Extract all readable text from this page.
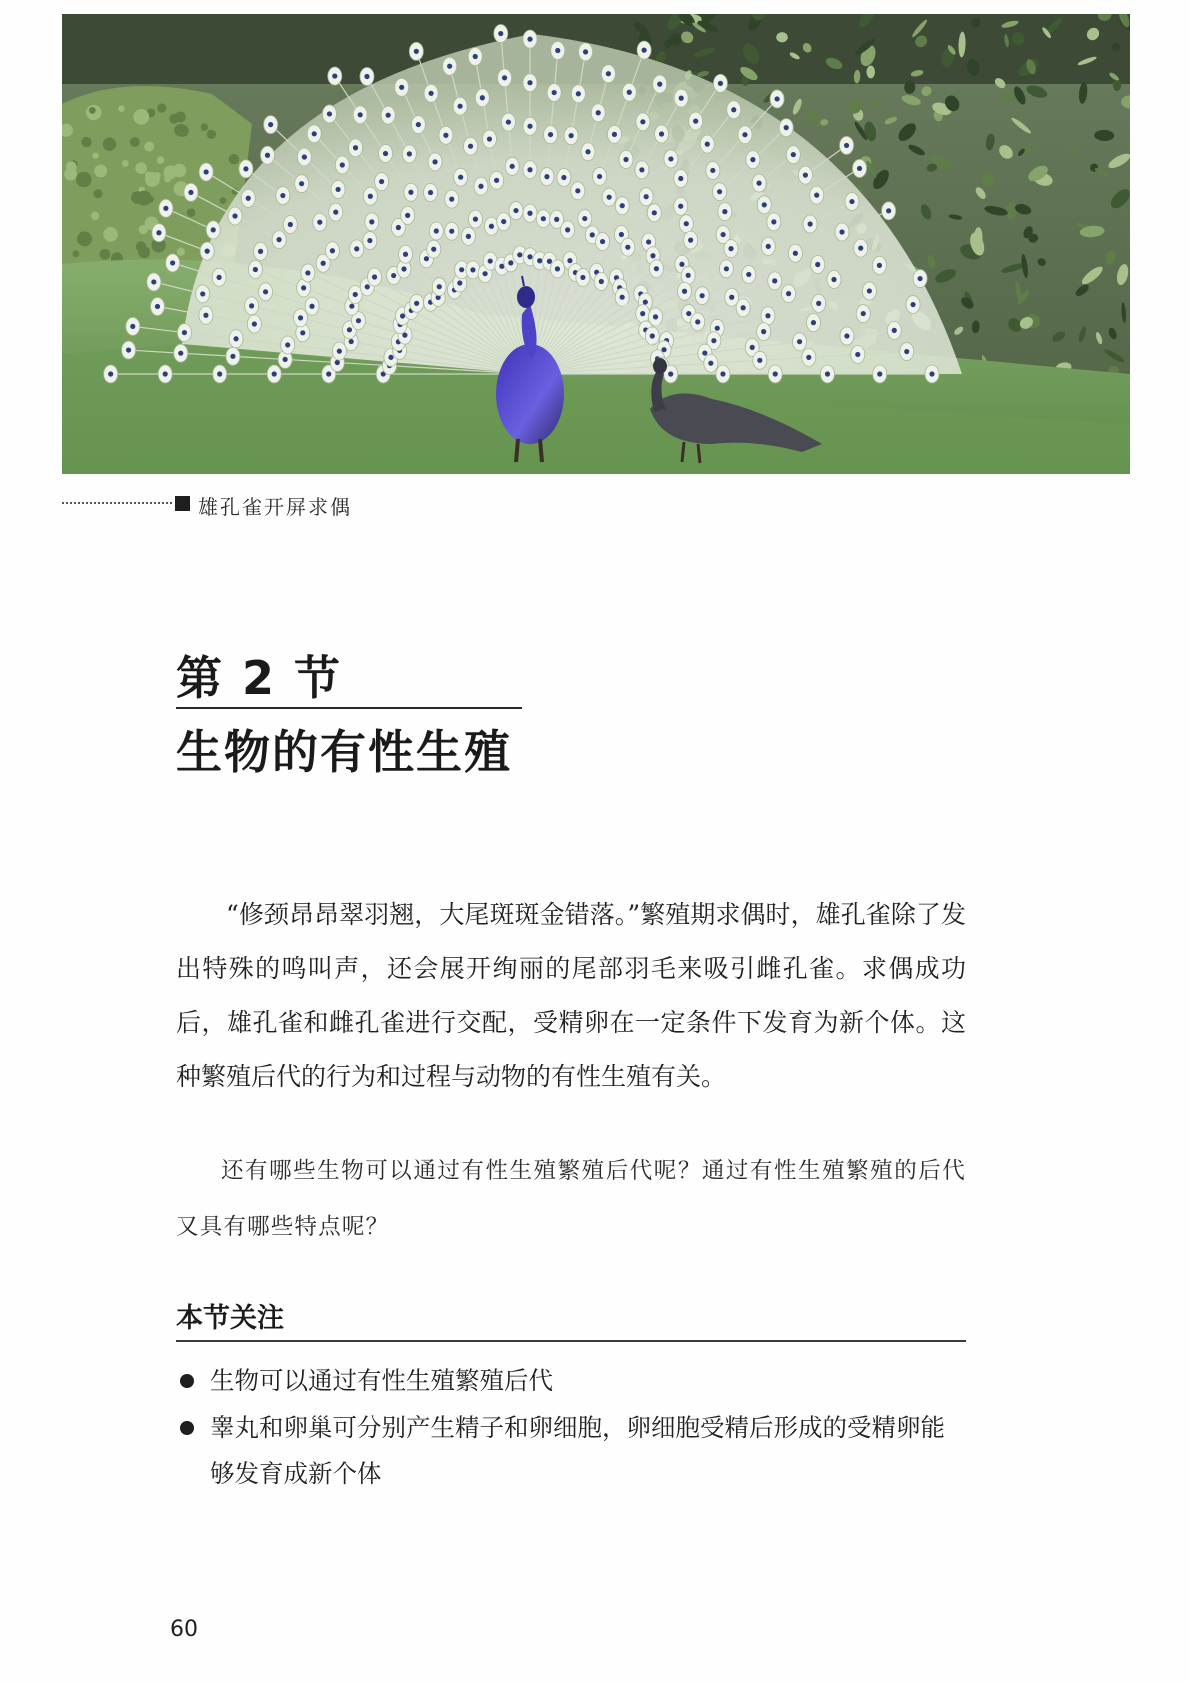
雄孔雀开屏求偶
第 2 节
生物的有性生殖

“修颈昂昂翠羽翘，大尾斑斑金错落。”繁殖期求偶时，雄孔雀除了发出特殊的鸣叫声，还会展开绚丽的尾部羽毛来吸引雌孔雀。求偶成功后，雄孔雀和雌孔雀进行交配，受精卵在一定条件下发育为新个体。这种繁殖后代的行为和过程与动物的有性生殖有关。

还有哪些生物可以通过有性生殖繁殖后代呢？通过有性生殖繁殖的后代又具有哪些特点呢？

本节关注
生物可以通过有性生殖繁殖后代
睾丸和卵巢可分别产生精子和卵细胞，卵细胞受精后形成的受精卵能够发育成新个体
60
